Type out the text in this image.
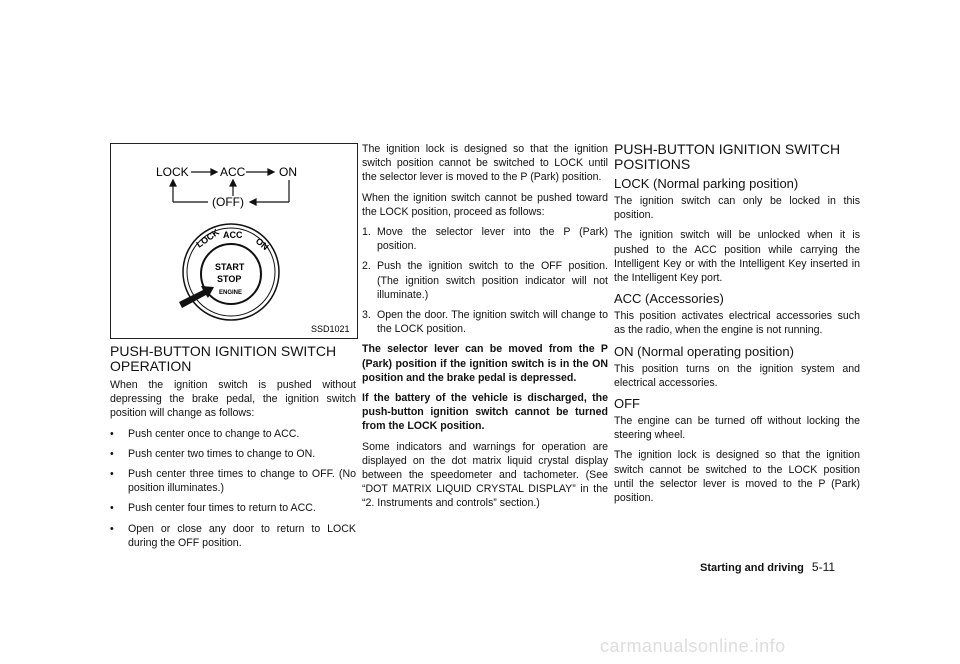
LOCK	ACC	ON
(OFF)
LOCK ACC
ON
START
STOP
ENGINE
SSD1021
PUSH-BUTTON IGNITION SWITCH OPERATION

When the ignition switch is pushed without depressing the brake pedal, the ignition switch position will change as follows:

•	Push center once to change to ACC.
•	Push center two times to change to ON.
•	Push center three times to change to OFF. (No position illuminates.)
•	Push center four times to return to ACC.
•	Open or close any door to return to LOCK during the OFF position.

The ignition lock is designed so that the ignition switch position cannot be switched to LOCK until the selector lever is moved to the P (Park) position.

When the ignition switch cannot be pushed toward the LOCK position, proceed as follows:

1. Move the selector lever into the P (Park) position.
2. Push the ignition switch to the OFF position. (The ignition switch position indicator will not illuminate.)
3. Open the door. The ignition switch will change to the LOCK position.

The selector lever can be moved from the P (Park) position if the ignition switch is in the ON position and the brake pedal is depressed.

If the battery of the vehicle is discharged, the push-button ignition switch cannot be turned from the LOCK position.

Some indicators and warnings for operation are displayed on the dot matrix liquid crystal display between the speedometer and tachometer. (See “DOT MATRIX LIQUID CRYSTAL DISPLAY” in the “2. Instruments and controls” section.)

PUSH-BUTTON IGNITION SWITCH POSITIONS
LOCK (Normal parking position)

The ignition switch can only be locked in this position.

The ignition switch will be unlocked when it is pushed to the ACC position while carrying the Intelligent Key or with the Intelligent Key inserted in the Intelligent Key port.

ACC (Accessories)

This position activates electrical accessories such as the radio, when the engine is not running.

ON (Normal operating position)

This position turns on the ignition system and electrical accessories.

OFF

The engine can be turned off without locking the steering wheel.

The ignition lock is designed so that the ignition switch cannot be switched to the LOCK position until the selector lever is moved to the P (Park) position.

Starting and driving 5-11
carmanualsonline.info
